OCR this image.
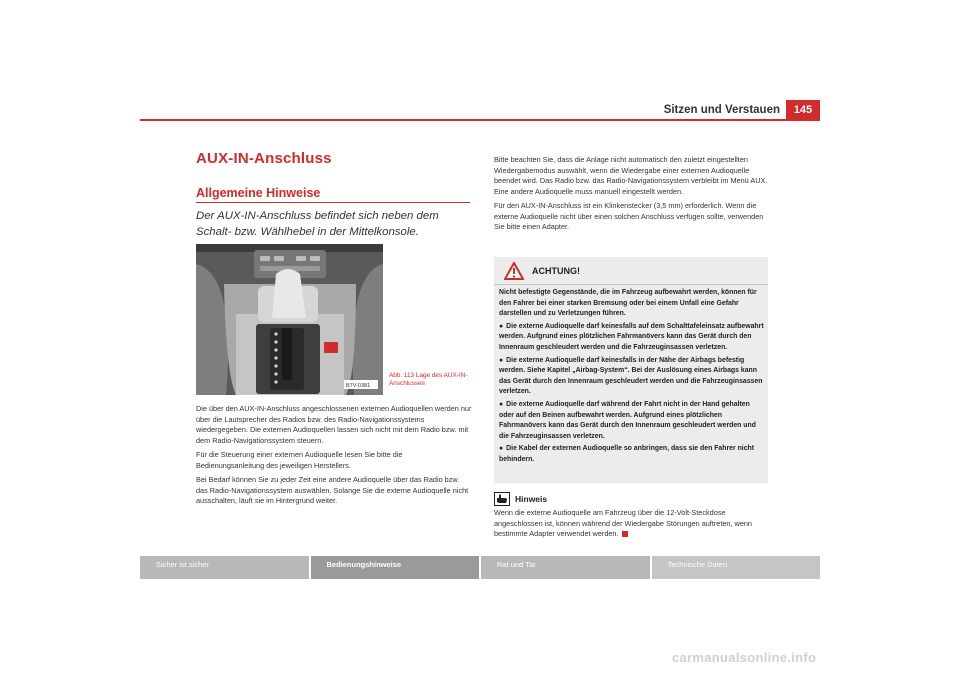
Sitzen und Verstauen	145
AUX-IN-Anschluss
Allgemeine Hinweise
Der AUX-IN-Anschluss befindet sich neben dem Schalt- bzw. Wählhebel in der Mittelkonsole.
B7V-0381
Abb. 113 Lage des AUX-IN-Anschlusses

Die über den AUX-IN-Anschluss angeschlossenen externen Audioquellen werden nur über die Lautsprecher des Radios bzw. des Radio-Navigationssystems wiedergegeben. Die externen Audioquellen lassen sich nicht mit dem Radio bzw. mit dem Radio-Navigationssystem steuern.

Für die Steuerung einer externen Audioquelle lesen Sie bitte die Bedienungsanleitung des jeweiligen Herstellers.

Bei Bedarf können Sie zu jeder Zeit eine andere Audioquelle über das Radio bzw. das Radio-Navigationssystem auswählen. Solange Sie die externe Audioquelle nicht ausschalten, läuft sie im Hintergrund weiter.

Bitte beachten Sie, dass die Anlage nicht automatisch den zuletzt eingestellten Wiedergabemodus auswählt, wenn die Wiedergabe einer externen Audioquelle beendet wird. Das Radio bzw. das Radio-Navigationssystem verbleibt im Menü AUX. Eine andere Audioquelle muss manuell eingestellt werden.

Für den AUX-IN-Anschluss ist ein Klinkenstecker (3,5 mm) erforderlich. Wenn die externe Audioquelle nicht über einen solchen Anschluss verfügen sollte, verwenden Sie bitte einen Adapter.

ACHTUNG!

Nicht befestigte Gegenstände, die im Fahrzeug aufbewahrt werden, können für den Fahrer bei einer starken Bremsung oder bei einem Unfall eine Gefahr darstellen und zu Verletzungen führen.

● Die externe Audioquelle darf keinesfalls auf dem Schalttafeleinsatz aufbewahrt werden. Aufgrund eines plötzlichen Fahrmanövers kann das Gerät durch den Innenraum geschleudert werden und die Fahrzeuginsassen verletzen.

● Die externe Audioquelle darf keinesfalls in der Nähe der Airbags befestig werden. Siehe Kapitel „Airbag-System“. Bei der Auslösung eines Airbags kann das Gerät durch den Innenraum geschleudert werden und die Fahrzeuginsassen verletzen.

● Die externe Audioquelle darf während der Fahrt nicht in der Hand gehalten oder auf den Beinen aufbewahrt werden. Aufgrund eines plötzlichen Fahrmanövers kann das Gerät durch den Innenraum geschleudert werden und die Fahrzeuginsassen verletzen.

● Die Kabel der externen Audioquelle so anbringen, dass sie den Fahrer nicht behindern.

Hinweis
Wenn die externe Audioquelle am Fahrzeug über die 12-Volt-Steckdose angeschlossen ist, können während der Wiedergabe Störungen auftreten, wenn bestimmte Adapter verwendet werden.
Sicher ist sicher	Bedienungshinweise	Rat und Tat	Technische Daten
carmanualsonline.info
